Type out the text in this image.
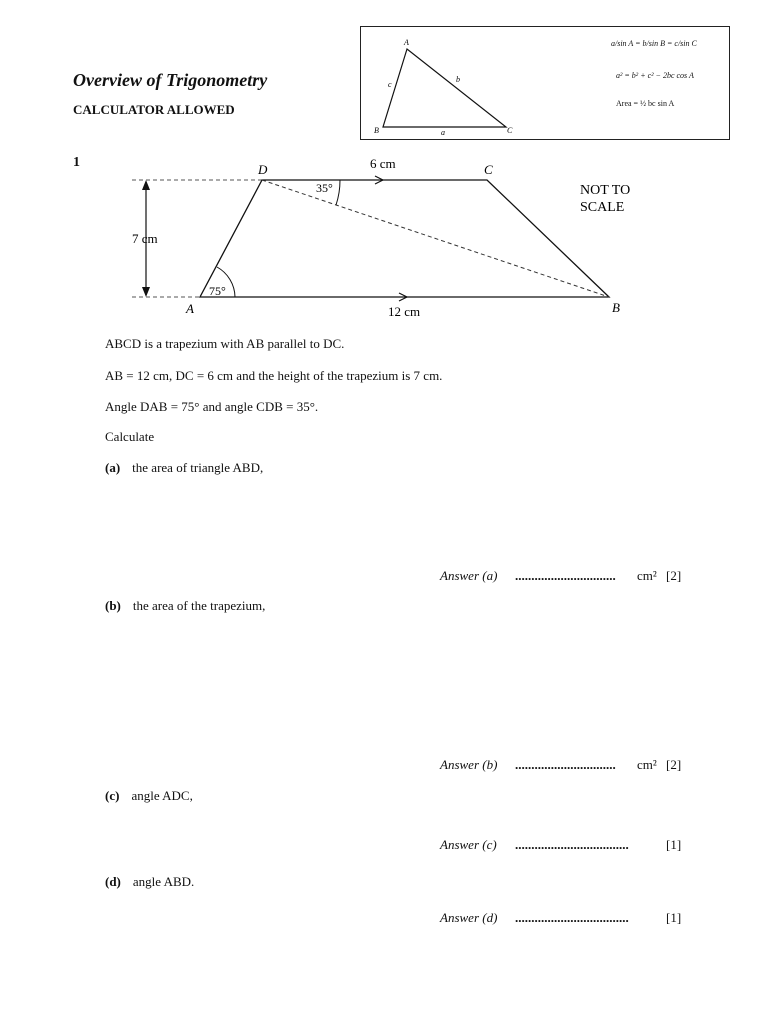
Overview of Trigonometry
CALCULATOR ALLOWED
A
B	C
a
b
c
a/sin A = b/sin B = c/sin C
a² = b² + c² − 2bc cos A
Area = ½ bc sin A
1
7 cm
D	C
A	B
6 cm
12 cm
35°
75°
NOT TO
SCALE
ABCD is a trapezium with AB parallel to DC.
AB = 12 cm, DC = 6 cm and the height of the trapezium is 7 cm.
Angle DAB = 75° and angle CDB = 35°.
Calculate
(a) the area of triangle ABD,
Answer (a) ............................... cm² [2]
(b) the area of the trapezium,
Answer (b) ............................... cm² [2]
(c) angle ADC,
Answer (c) ...................................	[1]
(d) angle ABD.
Answer (d) ...................................	[1]
